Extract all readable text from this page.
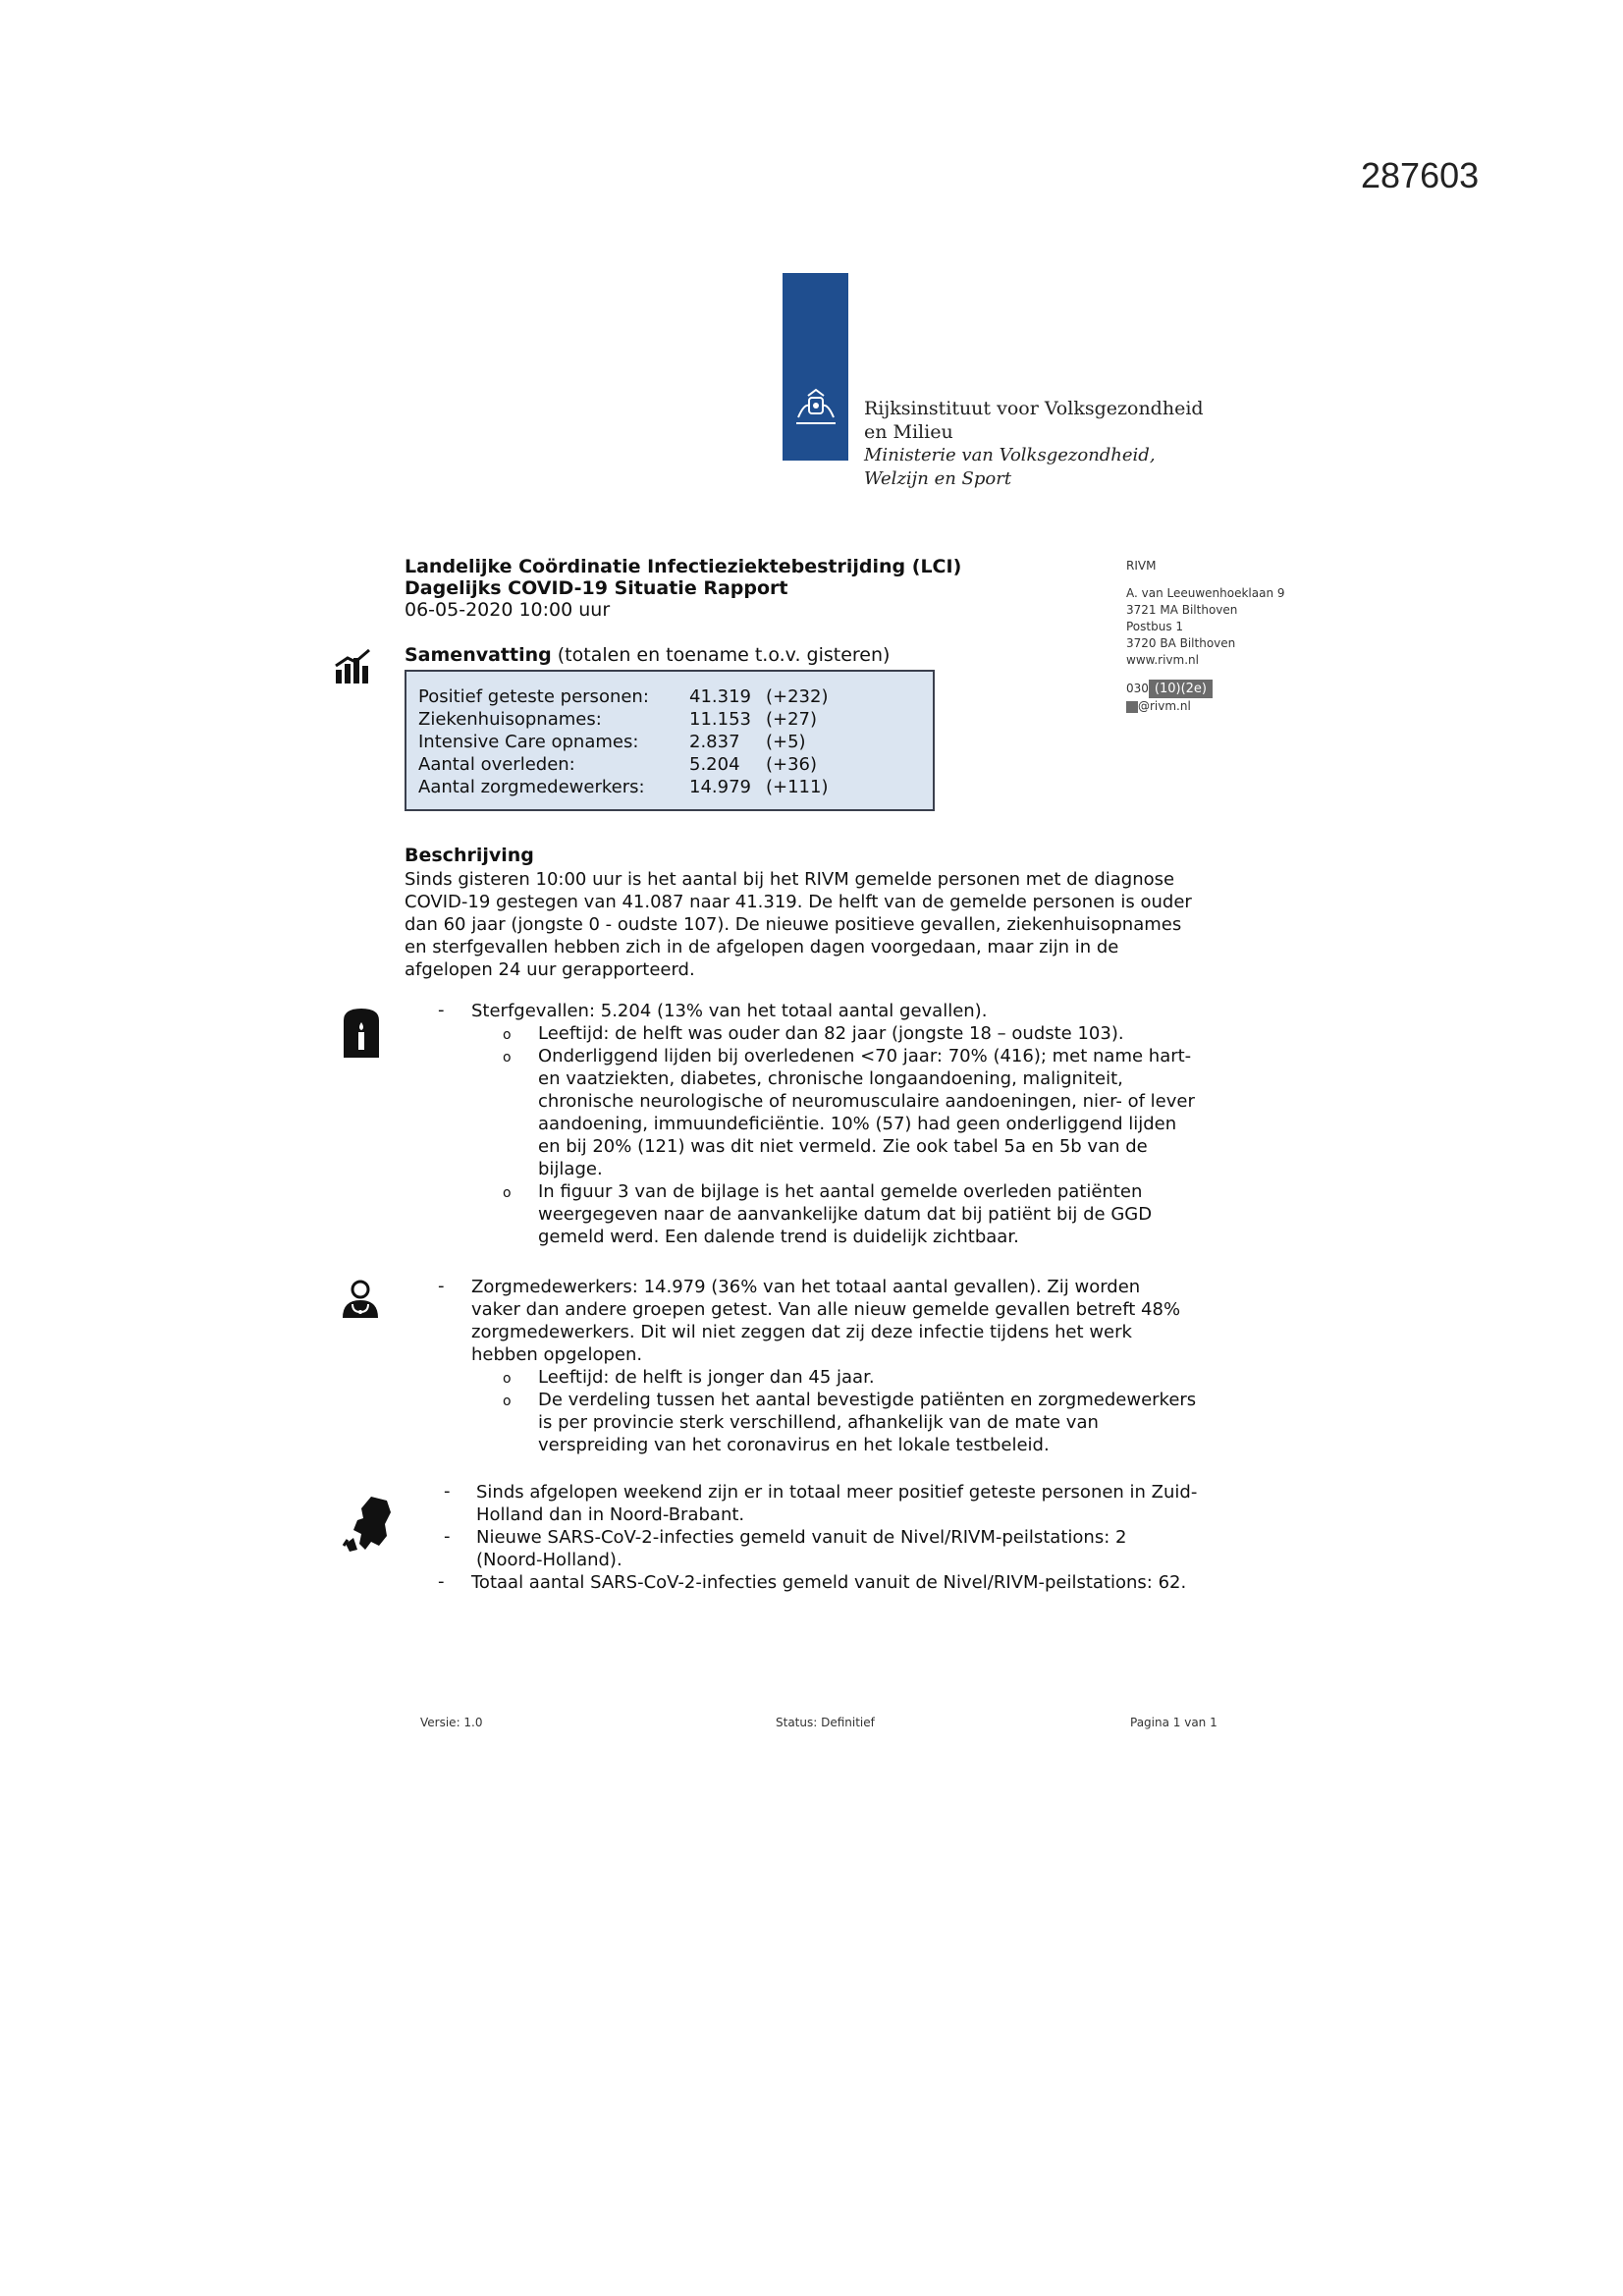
287603
Rijksinstituut voor Volksgezondheid
en Milieu
Ministerie van Volksgezondheid,
Welzijn en Sport
Landelijke Coördinatie Infectieziektebestrijding (LCI)
Dagelijks COVID-19 Situatie Rapport
06-05-2020 10:00 uur
RIVM
A. van Leeuwenhoeklaan 9
3721 MA Bilthoven
Postbus 1
3720 BA Bilthoven
www.rivm.nl
030 (10)(2e)
@rivm.nl
Samenvatting (totalen en toename t.o.v. gisteren)
Positief geteste personen:	41.319 (+232)
Ziekenhuisopnames:	11.153 (+27)
Intensive Care opnames:	2.837	(+5)
Aantal overleden:	5.204	(+36)
Aantal zorgmedewerkers:	14.979 (+111)
Beschrijving
Sinds gisteren 10:00 uur is het aantal bij het RIVM gemelde personen met de diagnose
COVID-19 gestegen van 41.087 naar 41.319. De helft van de gemelde personen is ouder
dan 60 jaar (jongste 0 - oudste 107). De nieuwe positieve gevallen, ziekenhuisopnames
en sterfgevallen hebben zich in de afgelopen dagen voorgedaan, maar zijn in de
afgelopen 24 uur gerapporteerd.
- Sterfgevallen: 5.204 (13% van het totaal aantal gevallen).
o Leeftijd: de helft was ouder dan 82 jaar (jongste 18 – oudste 103).
o Onderliggend lijden bij overledenen <70 jaar: 70% (416); met name hart-
en vaatziekten, diabetes, chronische longaandoening, maligniteit,
chronische neurologische of neuromusculaire aandoeningen, nier- of lever
aandoening, immuundeficiëntie. 10% (57) had geen onderliggend lijden
en bij 20% (121) was dit niet vermeld. Zie ook tabel 5a en 5b van de
bijlage.
o In figuur 3 van de bijlage is het aantal gemelde overleden patiënten
weergegeven naar de aanvankelijke datum dat bij patiënt bij de GGD
gemeld werd. Een dalende trend is duidelijk zichtbaar.
- Zorgmedewerkers: 14.979 (36% van het totaal aantal gevallen). Zij worden
vaker dan andere groepen getest. Van alle nieuw gemelde gevallen betreft 48%
zorgmedewerkers. Dit wil niet zeggen dat zij deze infectie tijdens het werk
hebben opgelopen.
o Leeftijd: de helft is jonger dan 45 jaar.
o De verdeling tussen het aantal bevestigde patiënten en zorgmedewerkers
is per provincie sterk verschillend, afhankelijk van de mate van
verspreiding van het coronavirus en het lokale testbeleid.
- Sinds afgelopen weekend zijn er in totaal meer positief geteste personen in Zuid-
Holland dan in Noord-Brabant.
- Nieuwe SARS-CoV-2-infecties gemeld vanuit de Nivel/RIVM-peilstations: 2
(Noord-Holland).
- Totaal aantal SARS-CoV-2-infecties gemeld vanuit de Nivel/RIVM-peilstations: 62.
Versie: 1.0	Status: Definitief	Pagina 1 van 1
